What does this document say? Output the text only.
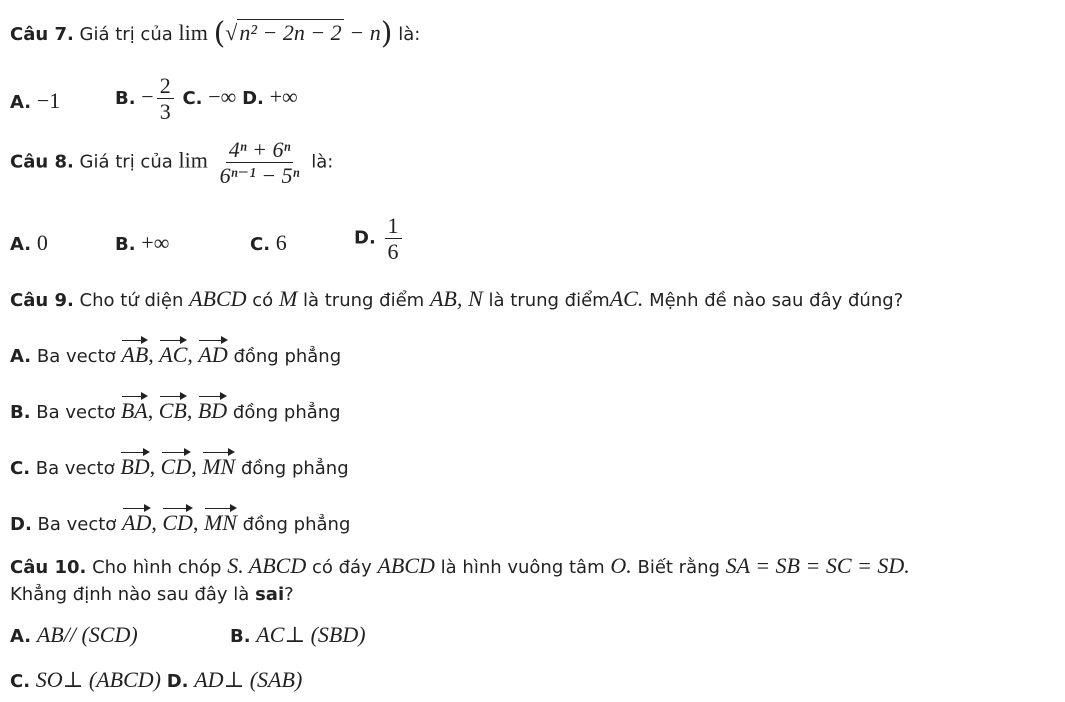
Câu 7. Giá trị của lim (√n² − 2n − 2 − n) là:
A. −1	B. − $\frac{2}{3} C$. −∞ D. +∞
Câu 8. Giá trị của $\lim \frac{\text{4ⁿ + 6ⁿ}}{\text{6ⁿ⁻¹ − 5ⁿ}}$ là:
A. 0	B. +∞	C. 6	D. $\frac{1}{6}$
Câu 9. Cho tứ diện ABCD có M là trung điểm AB, N là trung điểmAC. Mệnh đề nào sau đây đúng?
A. Ba vectơ AB, AC, AD đồng phẳng
B. Ba vectơ BA, CB, BD đồng phẳng
C. Ba vectơ BD, CD, MN đồng phẳng
D. Ba vectơ AD, CD, MN đồng phẳng
Câu 10. Cho hình chóp S. ABCD có đáy ABCD là hình vuông tâm O. Biết rằng SA = SB = SC = SD.
Khẳng định nào sau đây là sai?
A. AB// (SCD)	B. AC⊥ (SBD)
C. SO⊥ (ABCD) D. AD⊥ (SAB)
